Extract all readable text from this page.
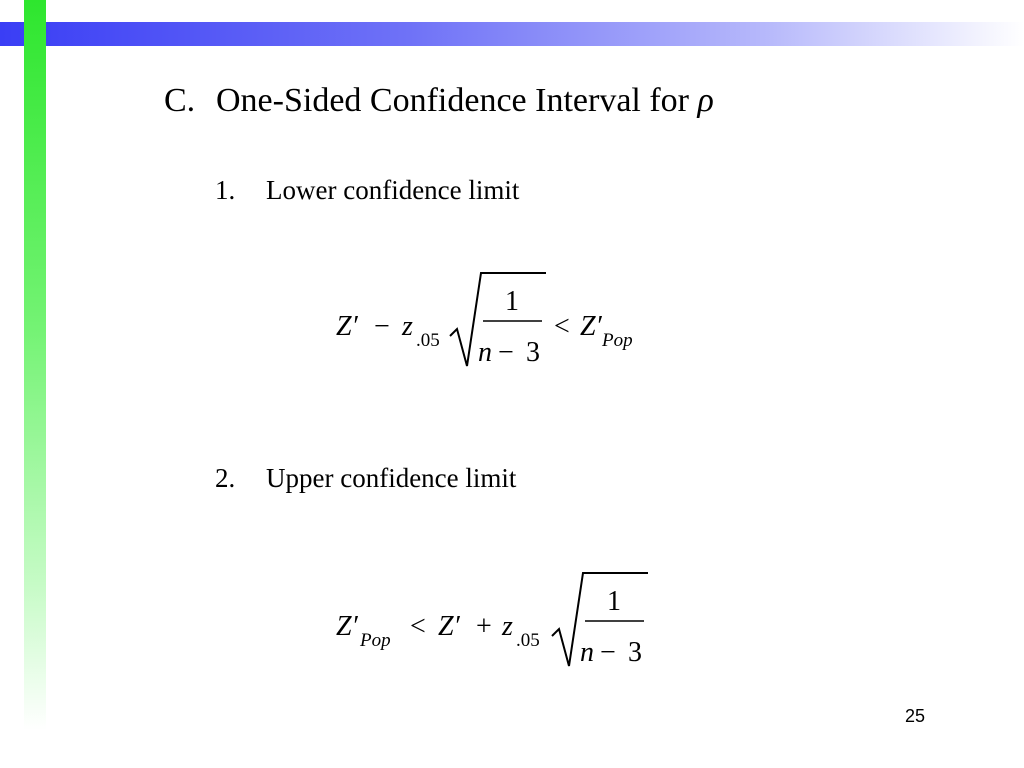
C. One-Sided Confidence Interval for ρ
1. Lower confidence limit
Z′ − z .05
1
n − 3
< Z′ Pop
2. Upper confidence limit
Z′ Pop < Z′ + z .05
1
n − 3
25
